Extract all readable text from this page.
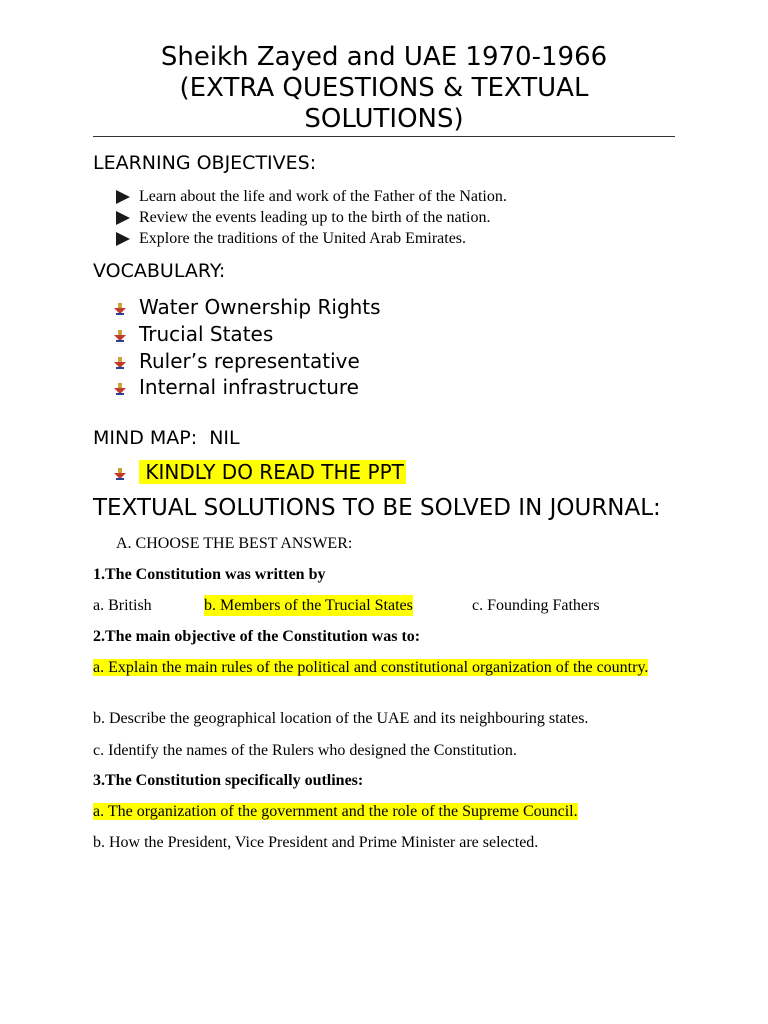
Sheikh Zayed and UAE 1970-1966
(EXTRA QUESTIONS & TEXTUAL
SOLUTIONS)
LEARNING OBJECTIVES:
Learn about the life and work of the Father of the Nation.
Review the events leading up to the birth of the nation.
Explore the traditions of the United Arab Emirates.
VOCABULARY:
Water Ownership Rights
Trucial States
Ruler’s representative
Internal infrastructure
MIND MAP:  NIL
KINDLY DO READ THE PPT
TEXTUAL SOLUTIONS TO BE SOLVED IN JOURNAL:

A. CHOOSE THE BEST ANSWER:

1.The Constitution was written by

a. British	b. Members of the Trucial States	c. Founding Fathers

2.The main objective of the Constitution was to:

a. Explain the main rules of the political and constitutional organization of the country.

b. Describe the geographical location of the UAE and its neighbouring states.

c. Identify the names of the Rulers who designed the Constitution.

3.The Constitution specifically outlines:

a. The organization of the government and the role of the Supreme Council.

b. How the President, Vice President and Prime Minister are selected.
